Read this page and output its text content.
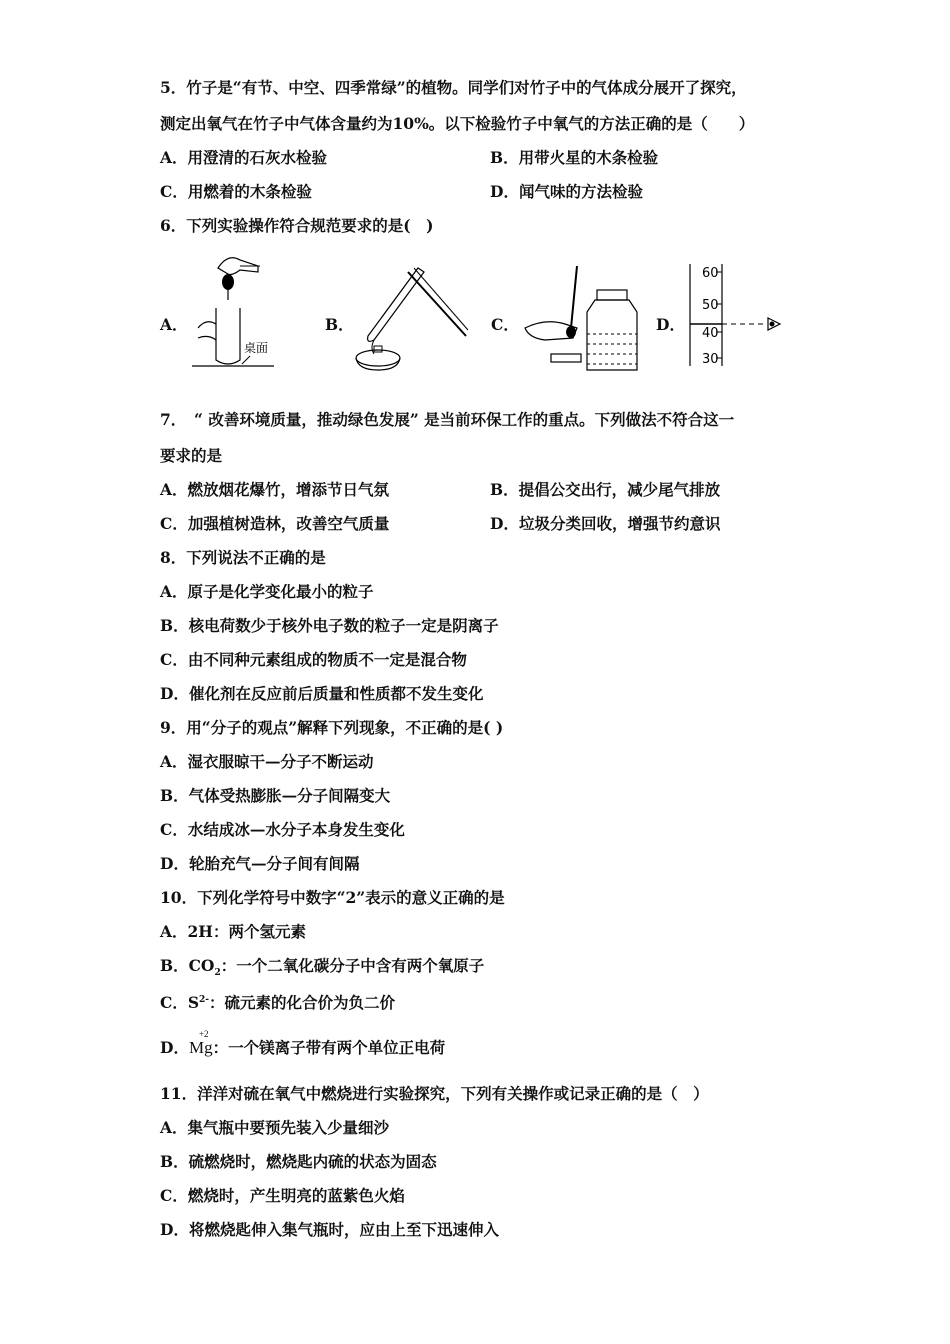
5．竹子是“有节、中空、四季常绿”的植物。同学们对竹子中的气体成分展开了探究，
测定出氧气在竹子中气体含量约为10%。以下检验竹子中氧气的方法正确的是（　　）
A．用澄清的石灰水检验	B．用带火星的木条检验
C．用燃着的木条检验	D．闻气味的方法检验
6．下列实验操作符合规范要求的是(　)
A．
桌面
B．	C．	D．
60
50
40
30
7．　“ 改善环境质量，推动绿色发展” 是当前环保工作的重点。下列做法不符合这一
要求的是
A．燃放烟花爆竹，增添节日气氛	B．提倡公交出行，减少尾气排放
C．加强植树造林，改善空气质量	D．垃圾分类回收，增强节约意识
8．下列说法不正确的是
A．原子是化学变化最小的粒子
B．核电荷数少于核外电子数的粒子一定是阴离子
C．由不同种元素组成的物质不一定是混合物
D．催化剂在反应前后质量和性质都不发生变化
9．用“分子的观点”解释下列现象，不正确的是( )
A．湿衣服晾干—分子不断运动
B．气体受热膨胀—分子间隔变大
C．水结成冰—水分子本身发生变化
D．轮胎充气—分子间有间隔
10．下列化学符号中数字“2”表示的意义正确的是
A．2H：两个氢元素
B．$CO_2$：一个二氧化碳分子中含有两个氧原子
C．$S^{2-}$：硫元素的化合价为负二价
D．
+2
Mg：一个镁离子带有两个单位正电荷
11．洋洋对硫在氧气中燃烧进行实验探究，下列有关操作或记录正确的是（　）
A．集气瓶中要预先装入少量细沙
B．硫燃烧时，燃烧匙内硫的状态为固态
C．燃烧时，产生明亮的蓝紫色火焰
D．将燃烧匙伸入集气瓶时，应由上至下迅速伸入
